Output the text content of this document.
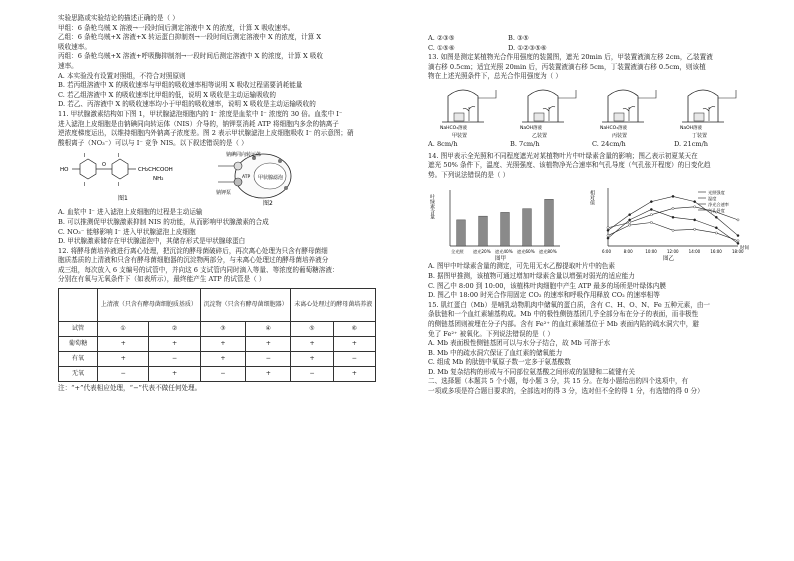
实验思路或实验结论的描述正确的是（ ）
甲组：6 条枪乌贼 X 溶液→一段时间后测定溶液中 X 的浓度，计算 X 吸收速率。
乙组：6 条枪乌贼+X 溶液+X 转运蛋白抑制剂→一段时间后测定溶液中 X 的浓度，计算 X
吸收速率。
丙组：6 条枪乌贼+X 溶液+呼吸酶抑制剂→一段时间后测定溶液中 X 的浓度，计算 X 吸收
速率。
A. 本实验没有设置对照组，不符合对照原则
B. 若丙组溶液中 X 的吸收速率与甲组的吸收速率相等说明 X 吸收过程需要消耗能量
C. 若乙组溶液中 X 的吸收速率比甲组的低，说明 X 吸收是主动运输吸收的
D. 若乙、丙溶液中 X 的吸收速率均小于甲组的吸收速率，说明 X 吸收是主动运输吸收的
11. 甲状腺激素结构如下图 1，甲状腺滤泡细胞内的 I⁻ 浓度是血浆中 I⁻ 浓度的 30 倍。血浆中 I⁻
进入滤泡上皮细胞是由钠碘同向转运体（NIS）介导的，钠钾泵消耗 ATP 将细胞内多余的钠离子
逆浓度梯度运出，以维持细胞内外钠离子浓度差。图 2 表示甲状腺滤泡上皮细胞吸收 I⁻ 的示意图；硝
酸根离子（NO₃⁻）可以与 I⁻ 竞争 NIS。以下叙述错误的是（ ）
HO
O
I
I
I
I
CH₂CHCOOH
NH₂
图1
钠碘同向转运体
钠钾泵
ATP 甲状腺滤泡
图2
A. 血浆中 I⁻ 进入滤泡上皮细胞的过程是主动运输
B. 可以推测促甲状腺激素抑制 NIS 的功能，从而影响甲状腺激素的合成
C. NO₃⁻ 能够影响 I⁻ 进入甲状腺滤泡上皮细胞
D. 甲状腺激素储存在甲状腺滤泡中，其储存形式是甲状腺球蛋白
12. 将酵母菌培养液进行离心处理，把沉淀的酵母菌破碎后，再次离心处理为只含有酵母菌细
胞质基质的上清液和只含有酵母菌细胞器的沉淀物两部分，与未离心处理过的酵母菌培养液分
成三组，每次放入 6 支编号的试管中，并向这 6 支试管内同时滴入等量、等浓度的葡萄糖溶液：
分别在有氧与无氧条件下（如表所示），最终能产生 ATP 的试管是（ ）
	上清液（只含有酵母菌细胞质基质）		沉淀物（只含有酵母菌细胞器）		未离心处理过的酵母菌培养液	
试管	①	②	③	④	⑤	⑥
葡萄糖	+	+	+	+	+	+
有氧	+	−	+	−	+	−
无氧	−	+	−	+	−	+
注：“+”代表相应处理，“−”代表不做任何处理。
A. ②③⑤	B. ③⑤
C. ①⑤⑥	D. ①②③⑤⑥
13. 如图是测定某植物光合作用强度的装置图，遮光 20min 后，甲装置液滴左移 2cm，乙装置液
滴右移 0.5cm；适宜光照 20min 后，丙装置液滴右移 5cm，丁装置液滴右移 0.5cm，则该植
物在上述光照条件下，总光合作用强度为（ ）
NaHCO₃溶液
甲装置
NaOH溶液
乙装置
NaHCO₃溶液
丙装置
NaOH溶液
丁装置
A. 8cm/h	B. 7cm/h	C. 24cm/h	D. 21cm/h
14. 图甲表示全光照和不同程度遮光对某植物叶片中叶绿素含量的影响；图乙表示初夏某天在
遮光 50% 条件下，温度、光照强度、该植物净光合速率和气孔导度（气孔张开程度）的日变化趋
势。下列说法错误的是（ ）
叶绿素含量
全光照 遮光20% 遮光40% 遮光60% 遮光80%
图甲
相对值
时间
6:00	8:00	10:00	12:00	14:00	16:00	18:00
光照强度
温度
净光合速率
气孔导度
图乙
A. 图甲中叶绿素含量的测定，可先用无水乙醇提取叶片中的色素
B. 据图甲推测，该植物可通过增加叶绿素含量以增强对弱光的适应能力
C. 图乙中 8:00 到 10:00，该植株叶肉细胞中产生 ATP 最多的场所是叶绿体内膜
D. 图乙中 18:00 时光合作用固定 CO₂ 的速率和呼吸作用释放 CO₂ 的速率相等
15. 肌红蛋白（Mb）是哺乳动物肌肉中储氧的蛋白质，含有 C、H、O、N、Fe 五种元素，由一
条肽链和一个血红素辅基构成。Mb 中的极性侧链基团几乎全部分布在分子的表面，而非极性
的侧链基团则被埋在分子内部。含有 Fe²⁺ 的血红素辅基位于 Mb 表面内陷的疏水洞穴中，避
免了 Fe²⁺ 被氧化。下列说法错误的是（ ）
A. Mb 表面极性侧链基团可以与水分子结合，故 Mb 可溶于水
B. Mb 中的疏水洞穴保证了血红素的储氧能力
C. 组成 Mb 的肽链中氧原子数一定多于氨基酸数
D. Mb 复杂结构的形成与不同部位氨基酸之间形成的氢键和二硫键有关
二、选择题（本题共 5 个小题，每小题 3 分，共 15 分。在每小题给出的四个选项中，有
一项或多项是符合题目要求的，全部选对的得 3 分，选对但不全的得 1 分，有选错的得 0 分）
